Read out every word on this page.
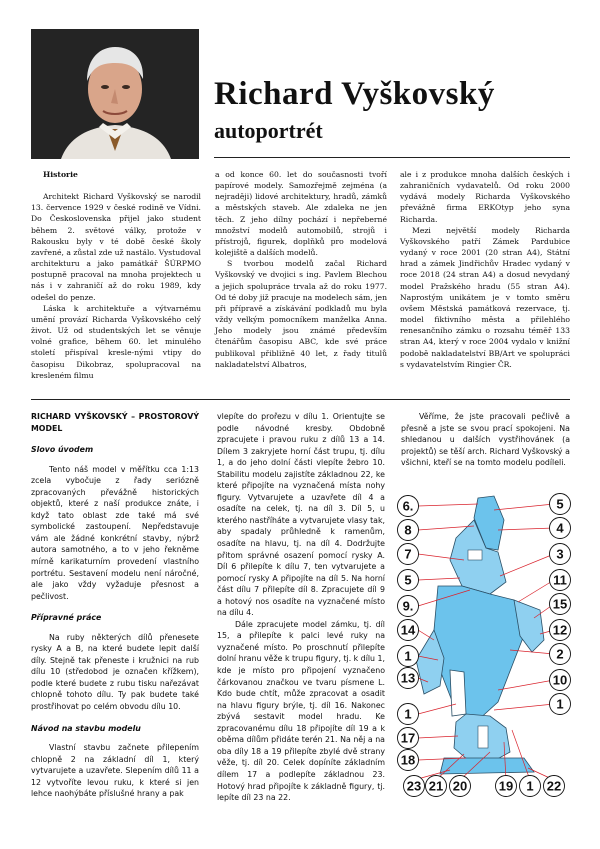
Richard Vyškovský
autoportrét

Historie

Architekt Richard Vyškovský se narodil 13. července 1929 v české rodině ve Vídni. Do Československa přijel jako student během 2. světové války, protože v Rakousku byly v té době české školy zavřené, a zůstal zde už nastálo. Vystudoval architekturu a jako památkář ŠÚRPMO postupně pracoval na mnoha projektech u nás i v zahraničí až do roku 1989, kdy odešel do penze.

Láska k architektuře a výtvarnému umění provází Richarda Vyškovského celý život. Už od studentských let se věnuje volné grafice, během 60. let minulého století přispíval kresle-nými vtipy do časopisu Dikobraz, spolupracoval na kresleném filmu

a od konce 60. let do současnosti tvoří papírové modely. Samozřejmě zejména (a nejraději) lidové architektury, hradů, zámků a městských staveb. Ale zdaleka ne jen těch. Z jeho dílny pochází i nepřeberné množství modelů automobilů, strojů i přístrojů, figurek, doplňků pro modelová kolejiště a dalších modelů.

S tvorbou modelů začal Richard Vyškovský ve dvojici s ing. Pavlem Blechou a jejich spolupráce trvala až do roku 1977. Od té doby již pracuje na modelech sám, jen při přípravě a získávání podkladů mu byla vždy velkým pomocníkem manželka Anna. Jeho modely jsou známé především čtenářům časopisu ABC, kde své práce publikoval přibližně 40 let, z řady titulů nakladatelství Albatros,

ale i z produkce mnoha dalších českých i zahraničních vydavatelů. Od roku 2000 vydává modely Richarda Vyškovského převážně firma ERKOtyp jeho syna Richarda.

Mezi největší modely Richarda Vyškovského patří Zámek Pardubice vydaný v roce 2001 (20 stran A4), Státní hrad a zámek Jindřichův Hradec vydaný v roce 2018 (24 stran A4) a dosud nevydaný model Pražského hradu (55 stran A4). Naprostým unikátem je v tomto směru ovšem Městská památková rezervace, tj. model fiktivního města a přilehlého renesančního zámku o rozsahu téměř 133 stran A4, který v roce 2004 vydalo v knižní podobě nakladatelství BB/Art ve spolupráci s vydavatelstvím Ringier ČR.

RICHARD VYŠKOVSKÝ – PROSTOROVÝ MODEL

Slovo úvodem

Tento náš model v měřítku cca 1:13 zcela vybočuje z řady seriózně zpracovaných převážně historických objektů, které z naší produkce znáte, i když tato oblast zde také má své symbolické zastoupení. Nepředstavuje vám ale žádné konkrétní stavby, nýbrž autora samotného, a to v jeho řekněme mírně karikaturním provedení vlastního portrétu. Sestavení modelu není náročné, ale jako vždy vyžaduje přesnost a pečlivost.

Přípravné práce

Na ruby některých dílů přenesete rysky A a B, na které budete lepit další díly. Stejně tak přeneste i kružnici na rub dílu 10 (středobod je označen křížkem), podle které budete z rubu tisku nařezávat chlopně tohoto dílu. Ty pak budete také prostřihovat po celém obvodu dílu 10.

Návod na stavbu modelu

Vlastní stavbu začnete přilepením chlopně 2 na základní díl 1, který vytvarujete a uzavřete. Slepením dílů 11 a 12 vytvoříte levou ruku, k které si jen lehce naohýbáte příslušné hrany a pak

vlepíte do prořezu v dílu 1. Orientujte se podle návodné kresby. Obdobně zpracujete i pravou ruku z dílů 13 a 14. Dílem 3 zakryjete horní část trupu, tj. dílu 1, a do jeho dolní části vlepíte žebro 10. Stabilitu modelu zajistíte základnou 22, ke které připojíte na vyznačená místa nohy figury. Vytvarujete a uzavřete díl 4 a osadíte na celek, tj. na díl 3. Díl 5, u kterého nastříháte a vytvarujete vlasy tak, aby spadaly průhledně k ramenům, osadíte na hlavu, tj. na díl 4. Dodržujte přitom správné osazení pomocí rysky A. Díl 6 přilepíte k dílu 7, ten vytvarujete a pomocí rysky A připojíte na díl 5. Na horní část dílu 7 přilepíte díl 8. Zpracujete díl 9 a hotový nos osadíte na vyznačené místo na dílu 4.

Dále zpracujete model zámku, tj. díl 15, a přilepíte k palci levé ruky na vyznačené místo. Po proschnutí přilepíte dolní hranu věže k trupu figury, tj. k dílu 1, kde je místo pro připojení vyznačeno čárkovanou značkou ve tvaru písmene L. Kdo bude chtít, může zpracovat a osadit na hlavu figury brýle, tj. díl 16. Nakonec zbývá sestavit model hradu. Ke zpracovanému dílu 18 připojíte díl 19 a k oběma dílům přidáte terén 21. Na něj a na oba díly 18 a 19 přilepíte zbylé dvě strany věže, tj. díl 20. Celek dopíníte základním dílem 17 a podlepíte základnou 23. Hotový hrad připojíte k základně figury, tj. lepíte díl 23 na 22.

Věříme, že jste pracovali pečlivě a přesně a jste se svou prací spokojeni. Na shledanou u dalších vystřihovánek (a projektů) se těší arch. Richard Vyškovský a všichni, kteří se na tomto modelu podíleli.

6.
8
7
5
9.
14
1
13
1
17
18
5
4
3
11
15
12
2
10
1
23 21 20 19 1 22
